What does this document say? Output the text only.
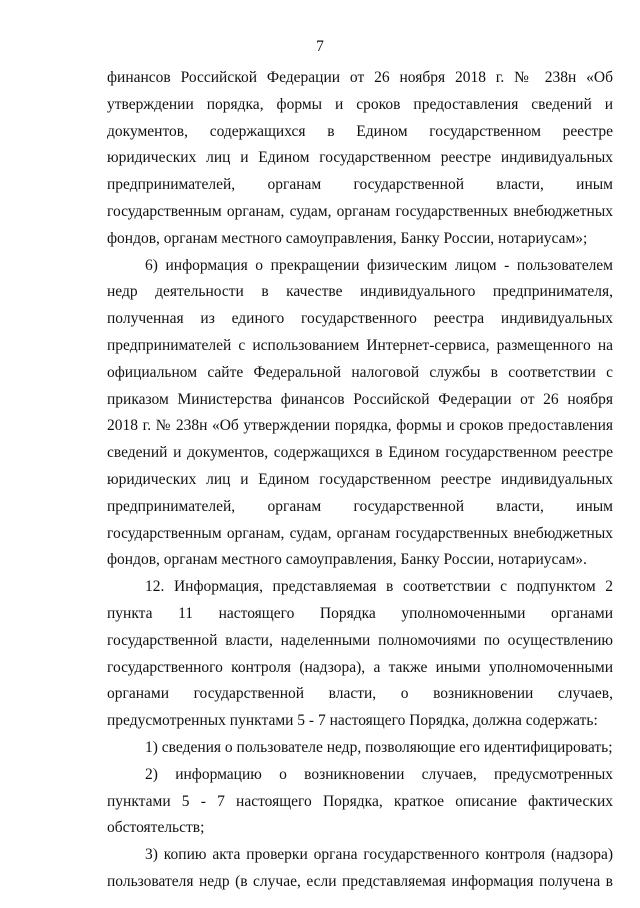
7

финансов Российской Федерации от 26 ноября 2018 г. № 238н «Об утверждении порядка, формы и сроков предоставления сведений и документов, содержащихся в Едином государственном реестре юридических лиц и Едином государственном реестре индивидуальных предпринимателей, органам государственной власти, иным государственным органам, судам, органам государственных внебюджетных фондов, органам местного самоуправления, Банку России, нотариусам»;

6) информация о прекращении физическим лицом - пользователем недр деятельности в качестве индивидуального предпринимателя, полученная из единого государственного реестра индивидуальных предпринимателей с использованием Интернет-сервиса, размещенного на официальном сайте Федеральной налоговой службы в соответствии с приказом Министерства финансов Российской Федерации от 26 ноября 2018 г. № 238н «Об утверждении порядка, формы и сроков предоставления сведений и документов, содержащихся в Едином государственном реестре юридических лиц и Едином государственном реестре индивидуальных предпринимателей, органам государственной власти, иным государственным органам, судам, органам государственных внебюджетных фондов, органам местного самоуправления, Банку России, нотариусам».

12. Информация, представляемая в соответствии с подпунктом 2 пункта 11 настоящего Порядка уполномоченными органами государственной власти, наделенными полномочиями по осуществлению государственного контроля (надзора), а также иными уполномоченными органами государственной власти, о возникновении случаев, предусмотренных пунктами 5 - 7 настоящего Порядка, должна содержать:

1) сведения о пользователе недр, позволяющие его идентифицировать;

2) информацию о возникновении случаев, предусмотренных пунктами 5 - 7 настоящего Порядка, краткое описание фактических обстоятельств;

3) копию акта проверки органа государственного контроля (надзора) пользователя недр (в случае, если представляемая информация получена в
